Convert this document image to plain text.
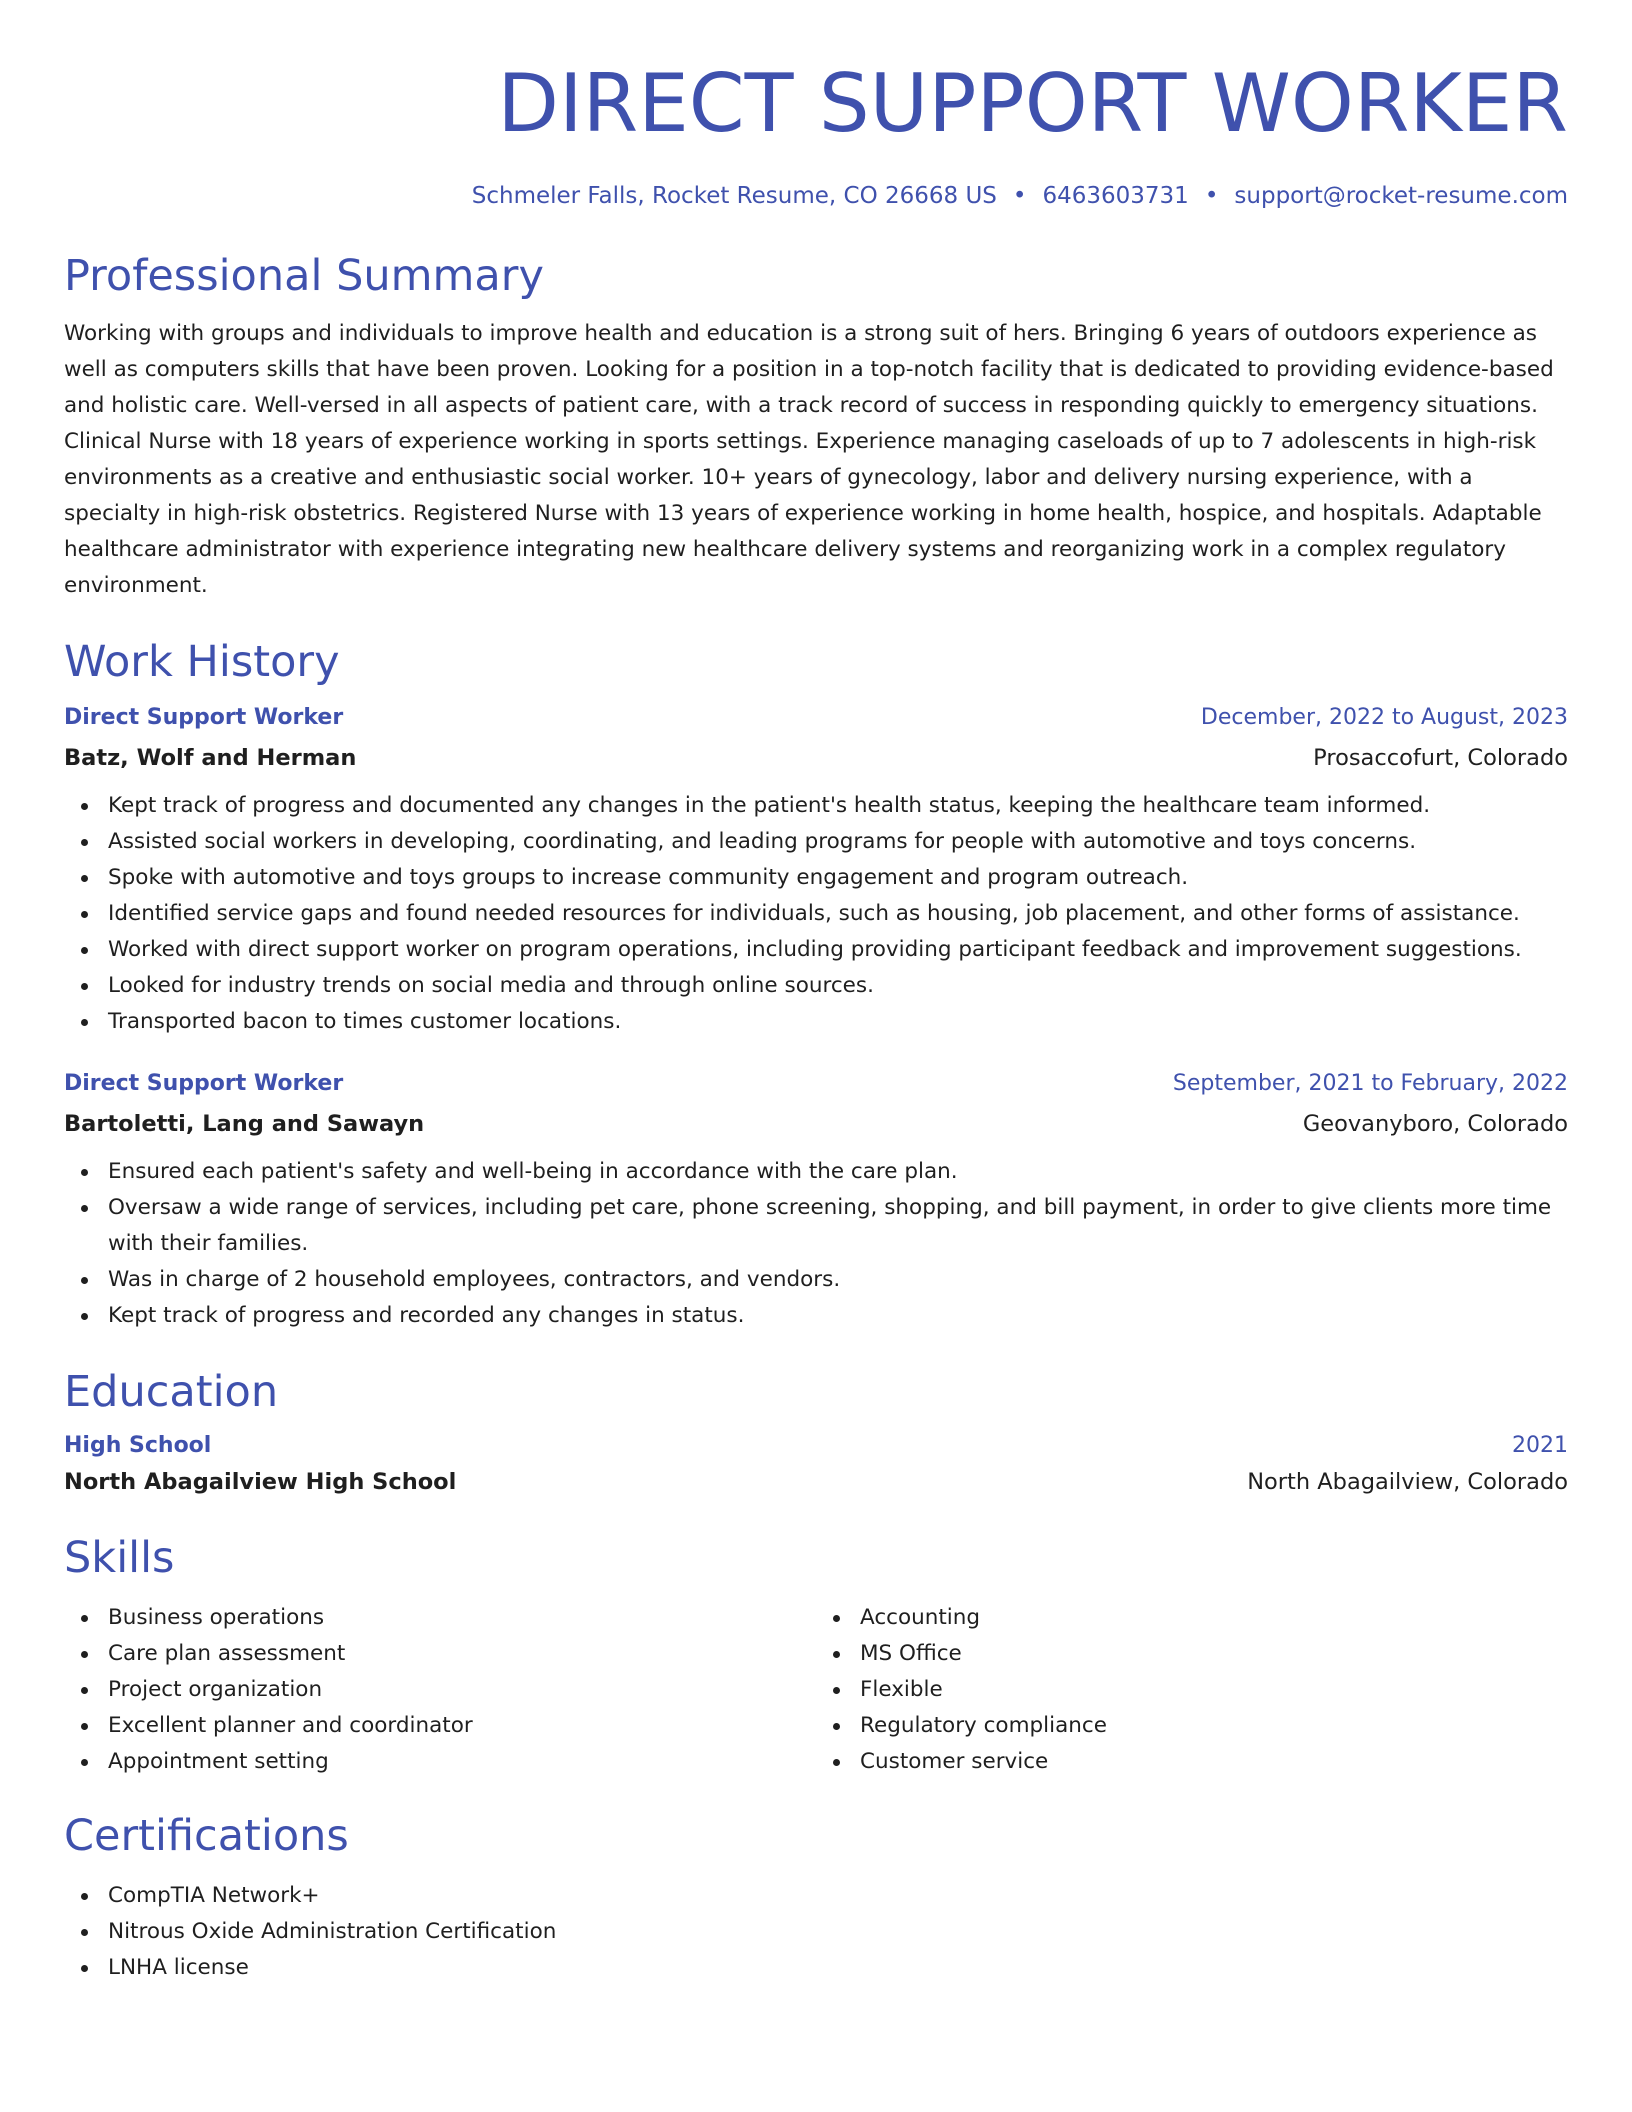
DIRECT SUPPORT WORKER
Schmeler Falls, Rocket Resume, CO 26668 US • 6463603731 • support@rocket-resume.com
Professional Summary

Working with groups and individuals to improve health and education is a strong suit of hers. Bringing 6 years of outdoors experience as well as computers skills that have been proven. Looking for a position in a top-notch facility that is dedicated to providing evidence-based and holistic care. Well-versed in all aspects of patient care, with a track record of success in responding quickly to emergency situations. Clinical Nurse with 18 years of experience working in sports settings. Experience managing caseloads of up to 7 adolescents in high-risk environments as a creative and enthusiastic social worker. 10+ years of gynecology, labor and delivery nursing experience, with a specialty in high-risk obstetrics. Registered Nurse with 13 years of experience working in home health, hospice, and hospitals. Adaptable healthcare administrator with experience integrating new healthcare delivery systems and reorganizing work in a complex regulatory environment.

Work History
Direct Support Worker	December, 2022 to August, 2023
Batz, Wolf and Herman	Prosaccofurt, Colorado
Kept track of progress and documented any changes in the patient's health status, keeping the healthcare team informed.
Assisted social workers in developing, coordinating, and leading programs for people with automotive and toys concerns.
Spoke with automotive and toys groups to increase community engagement and program outreach.
Identified service gaps and found needed resources for individuals, such as housing, job placement, and other forms of assistance.
Worked with direct support worker on program operations, including providing participant feedback and improvement suggestions.
Looked for industry trends on social media and through online sources.
Transported bacon to times customer locations.
Direct Support Worker	September, 2021 to February, 2022
Bartoletti, Lang and Sawayn	Geovanyboro, Colorado
Ensured each patient's safety and well-being in accordance with the care plan.
Oversaw a wide range of services, including pet care, phone screening, shopping, and bill payment, in order to give clients more time with their families.
Was in charge of 2 household employees, contractors, and vendors.
Kept track of progress and recorded any changes in status.
Education
High School	2021
North Abagailview High School	North Abagailview, Colorado
Skills
Business operations
Care plan assessment
Project organization
Excellent planner and coordinator
Appointment setting
Accounting
MS Office
Flexible
Regulatory compliance
Customer service
Certifications
CompTIA Network+
Nitrous Oxide Administration Certification
LNHA license
